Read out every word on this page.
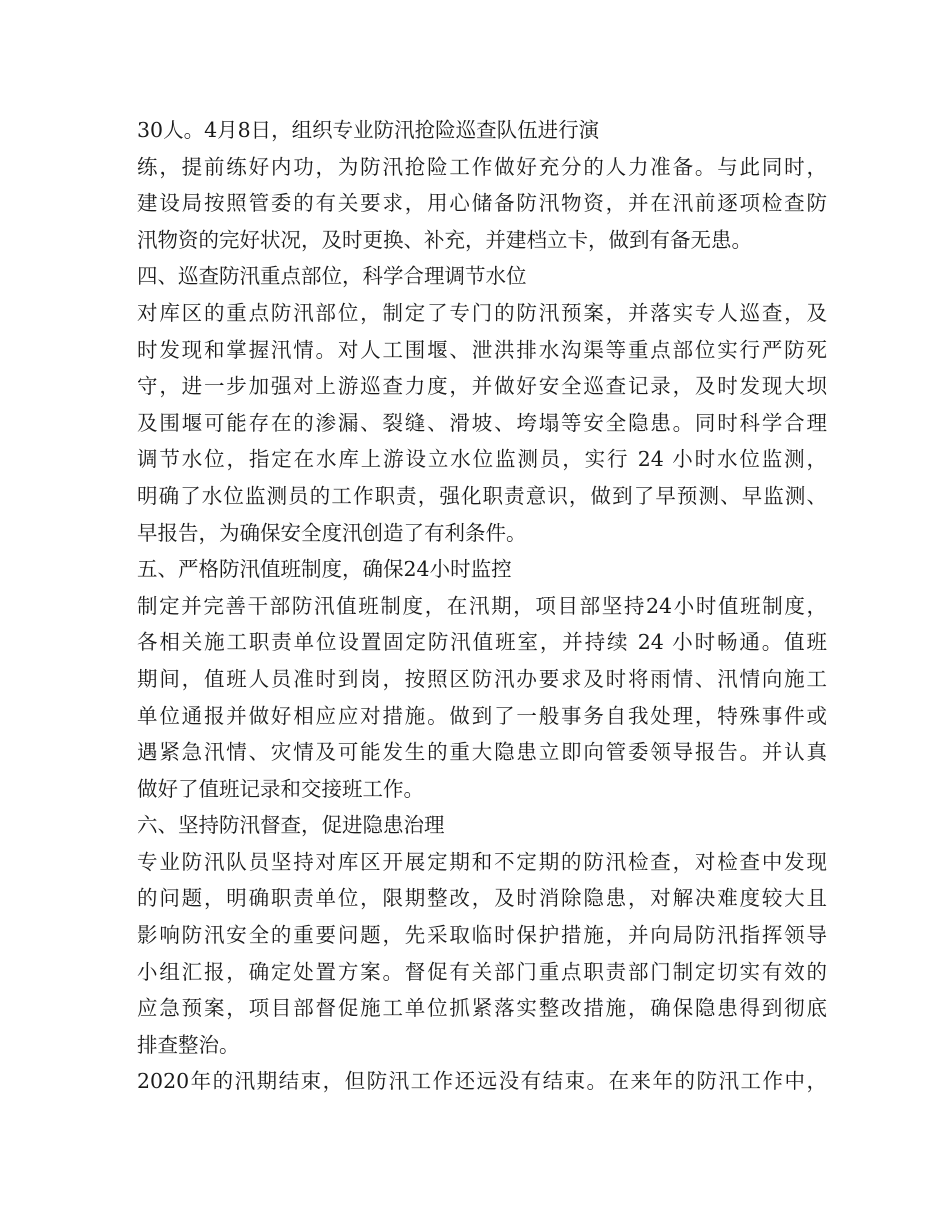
30人。4月8日，组织专业防汛抢险巡查队伍进行演
练，提前练好内功，为防汛抢险工作做好充分的人力准备。与此同时，
建设局按照管委的有关要求，用心储备防汛物资，并在汛前逐项检查防
汛物资的完好状况，及时更换、补充，并建档立卡，做到有备无患。
四、巡查防汛重点部位，科学合理调节水位
对库区的重点防汛部位，制定了专门的防汛预案，并落实专人巡查，及
时发现和掌握汛情。对人工围堰、泄洪排水沟渠等重点部位实行严防死
守，进一步加强对上游巡查力度，并做好安全巡查记录，及时发现大坝
及围堰可能存在的渗漏、裂缝、滑坡、垮塌等安全隐患。同时科学合理
调节水位，指定在水库上游设立水位监测员，实行 24 小时水位监测，
明确了水位监测员的工作职责，强化职责意识，做到了早预测、早监测、
早报告，为确保安全度汛创造了有利条件。
五、严格防汛值班制度，确保24小时监控
制定并完善干部防汛值班制度，在汛期，项目部坚持24小时值班制度，
各相关施工职责单位设置固定防汛值班室，并持续 24 小时畅通。值班
期间，值班人员准时到岗，按照区防汛办要求及时将雨情、汛情向施工
单位通报并做好相应应对措施。做到了一般事务自我处理，特殊事件或
遇紧急汛情、灾情及可能发生的重大隐患立即向管委领导报告。并认真
做好了值班记录和交接班工作。
六、坚持防汛督查，促进隐患治理
专业防汛队员坚持对库区开展定期和不定期的防汛检查，对检查中发现
的问题，明确职责单位，限期整改，及时消除隐患，对解决难度较大且
影响防汛安全的重要问题，先采取临时保护措施，并向局防汛指挥领导
小组汇报，确定处置方案。督促有关部门重点职责部门制定切实有效的
应急预案，项目部督促施工单位抓紧落实整改措施，确保隐患得到彻底
排查整治。
2020年的汛期结束，但防汛工作还远没有结束。在来年的防汛工作中，
